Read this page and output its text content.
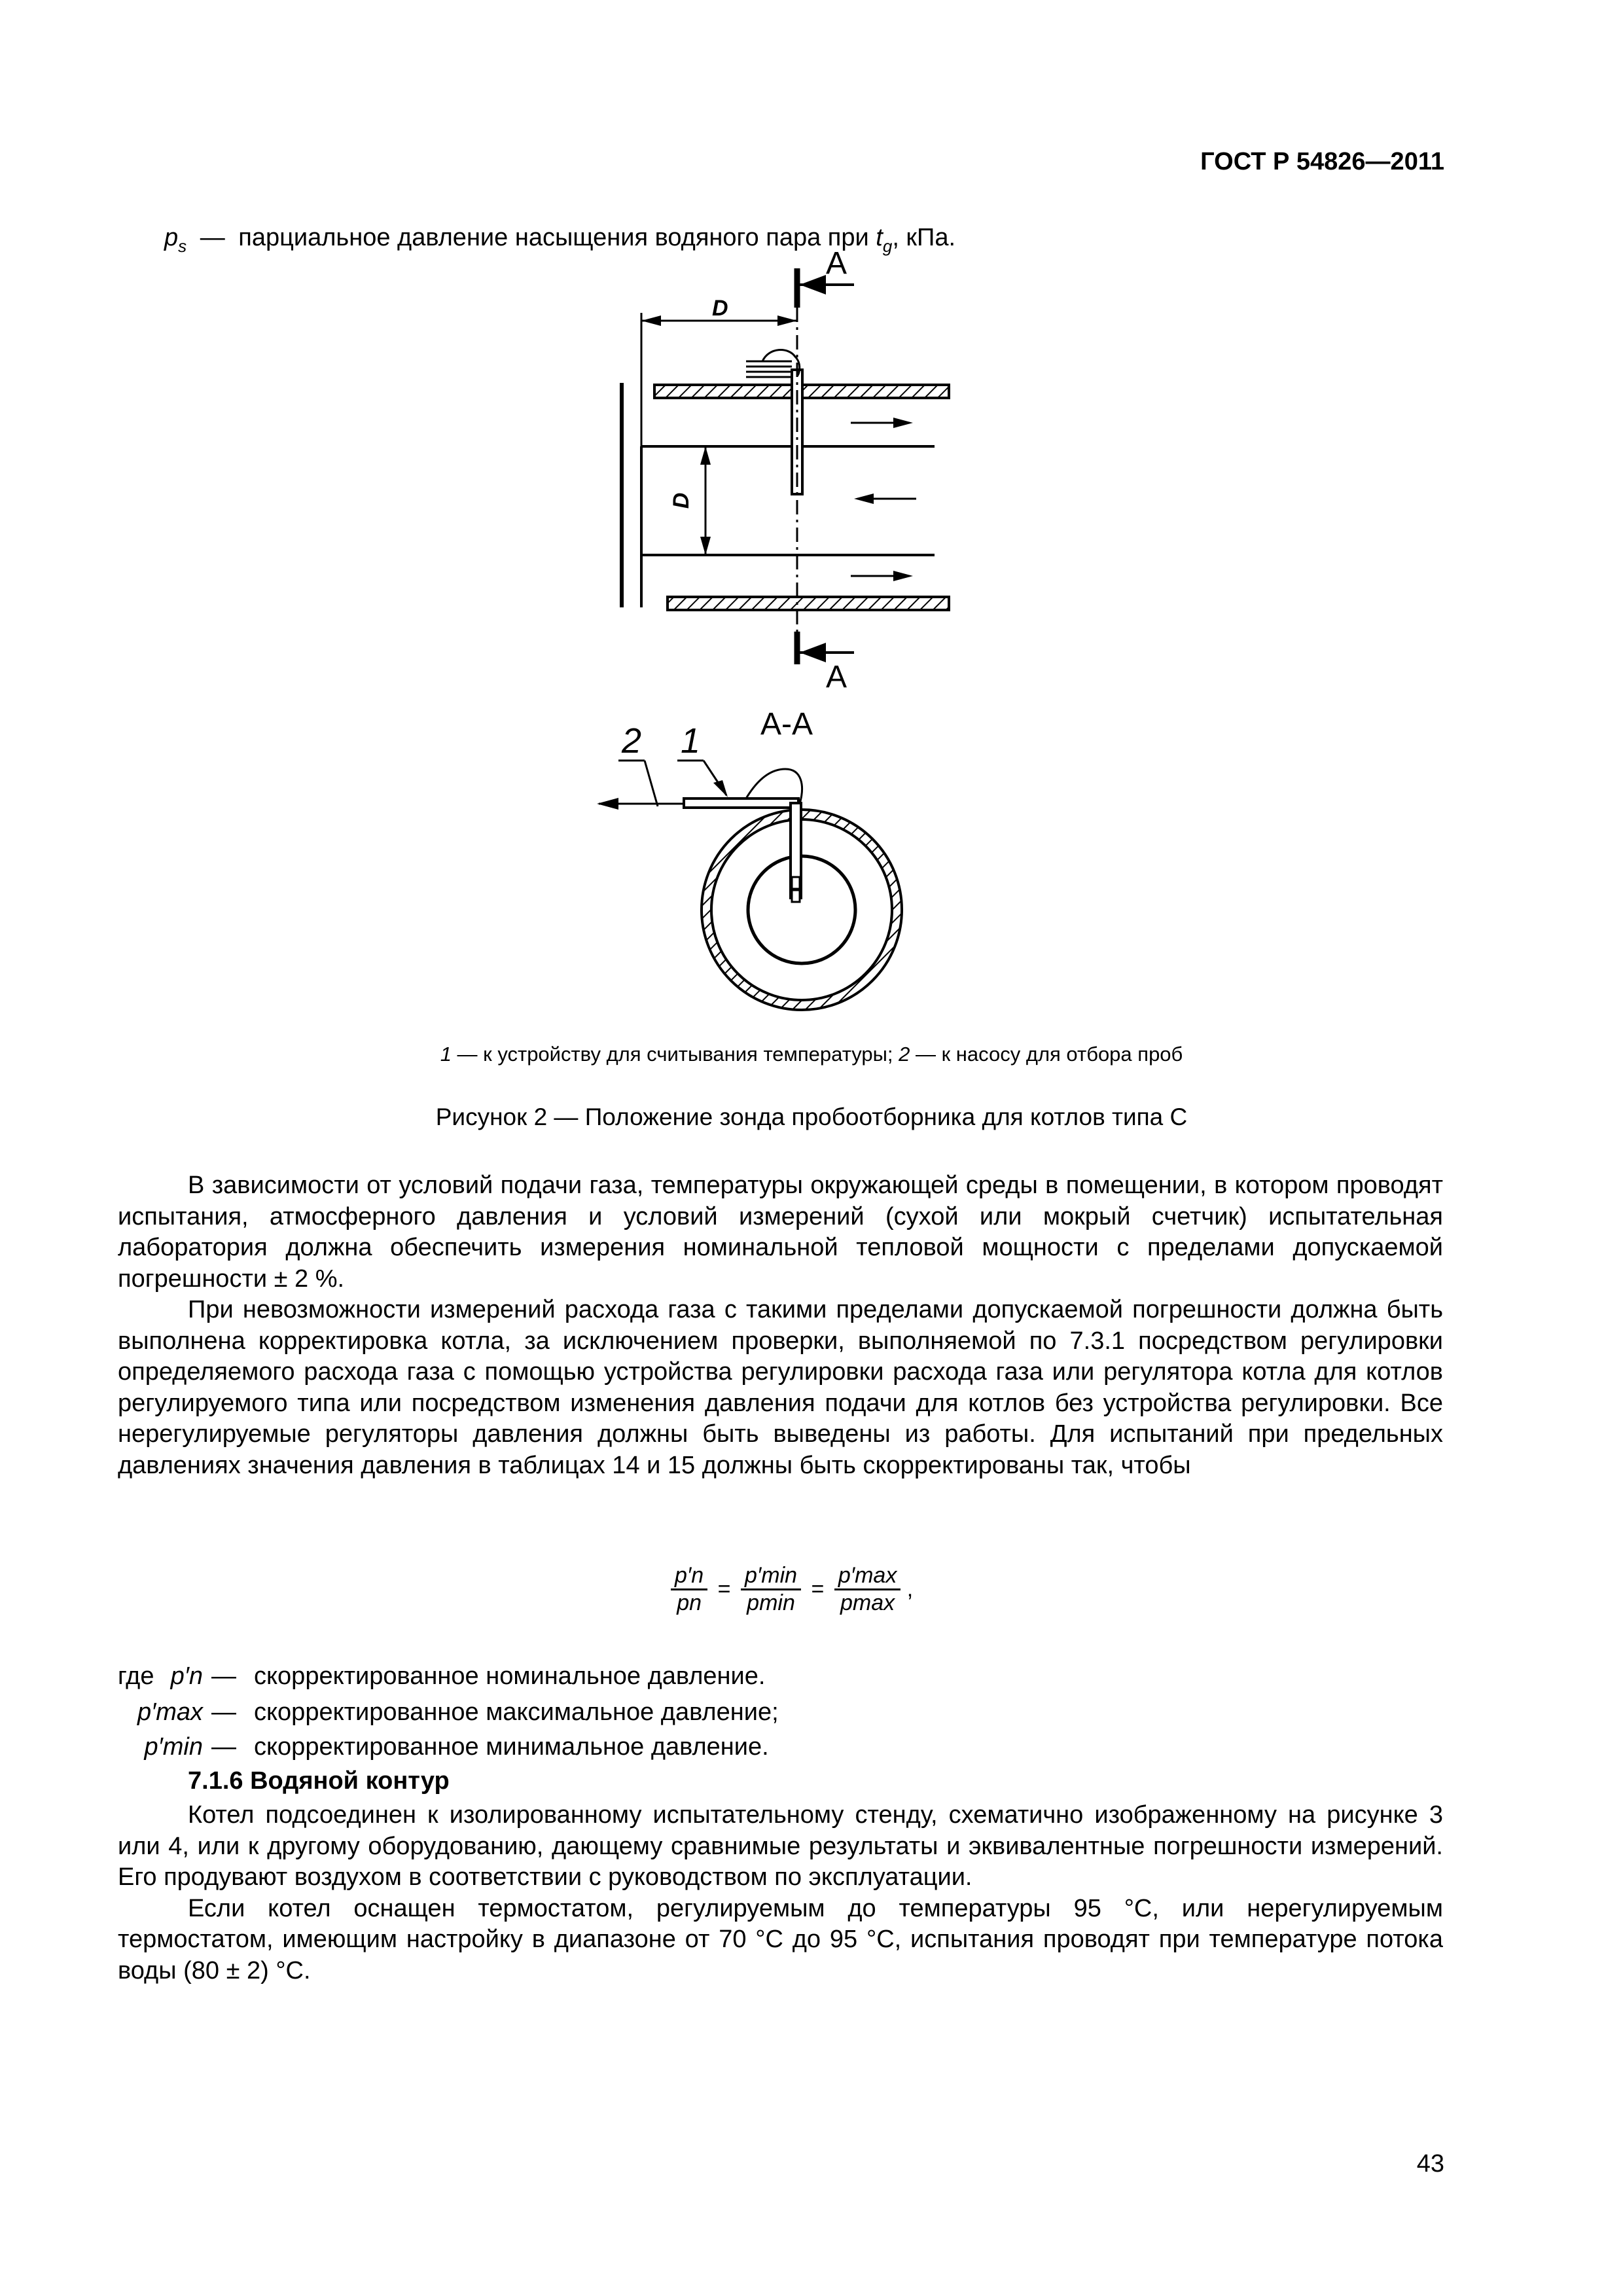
ГОСТ Р 54826—2011
$p_s$ — парциальное давление насыщения водяного пара при $t_g$, кПа.
A
A
D
D
A-A
2 1
1 — к устройству для считывания температуры; 2 — к насосу для отбора проб
Рисунок 2 — Положение зонда пробоотборника для котлов типа С

В зависимости от условий подачи газа, температуры окружающей среды в помещении, в котором проводят испытания, атмосферного давления и условий измерений (сухой или мокрый счетчик) испытательная лаборатория должна обеспечить измерения номинальной тепловой мощности с пределами допускаемой погрешности ± 2 %.

При невозможности измерений расхода газа с такими пределами допускаемой погрешности должна быть выполнена корректировка котла, за исключением проверки, выполняемой по 7.3.1 посредством регулировки определяемого расхода газа с помощью устройства регулировки расхода газа или регулятора котла для котлов регулируемого типа или посредством изменения давления подачи для котлов без устройства регулировки. Все нерегулируемые регуляторы давления должны быть выведены из работы. Для испытаний при предельных давлениях значения давления в таблицах 14 и 15 должны быть скорректированы так, чтобы

$\frac{p'n}{pn}$ =
p′min
pmin
=
p′max
pmax
,
где p′n — скорректированное номинальное давление.
p′max — скорректированное максимальное давление;
p′min — скорректированное минимальное давление.
7.1.6 Водяной контур

Котел подсоединен к изолированному испытательному стенду, схематично изображенному на рисунке 3 или 4, или к другому оборудованию, дающему сравнимые результаты и эквивалентные погрешности измерений. Его продувают воздухом в соответствии с руководством по эксплуатации.

Если котел оснащен термостатом, регулируемым до температуры 95 °С, или нерегулируемым термостатом, имеющим настройку в диапазоне от 70 °С до 95 °С, испытания проводят при температуре потока воды (80 ± 2) °С.

43
